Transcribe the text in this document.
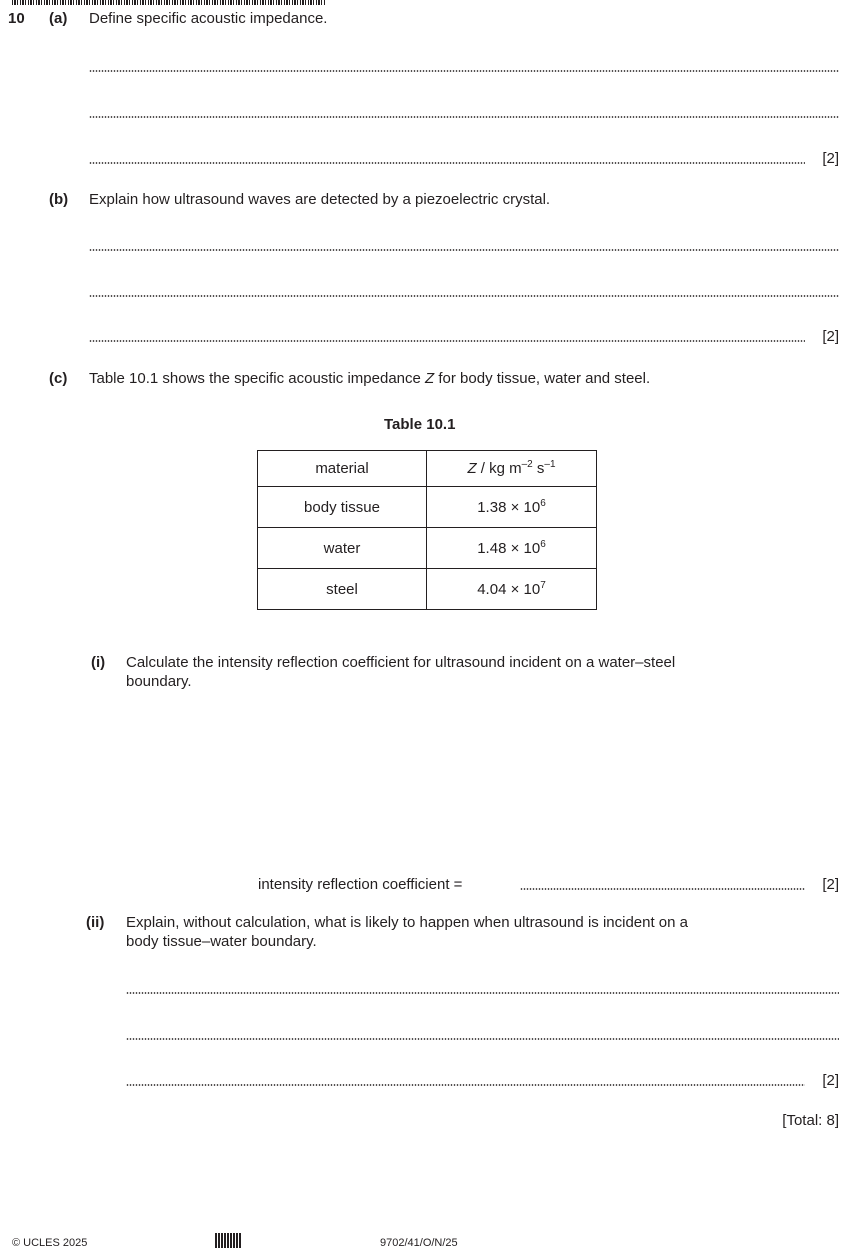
10 (a) Define specific acoustic impedance.
[2]
(b) Explain how ultrasound waves are detected by a piezoelectric crystal.
[2]
(c) Table 10.1 shows the specific acoustic impedance Z for body tissue, water and steel.
Table 10.1
material	Z / kg $m^{-2}$ $s^{-1}$
body tissue	$1.38 \times 10^6$
water	$1.48 \times 10^6$
steel	$4.04 \times 10^7$
(i) Calculate the intensity reflection coefficient for ultrasound incident on a water–steel
boundary.
intensity reflection coefficient =	[2]
(ii) Explain, without calculation, what is likely to happen when ultrasound is incident on a
body tissue–water boundary.
[2]
[Total: 8]
© UCLES 2025	9702/41/O/N/25
